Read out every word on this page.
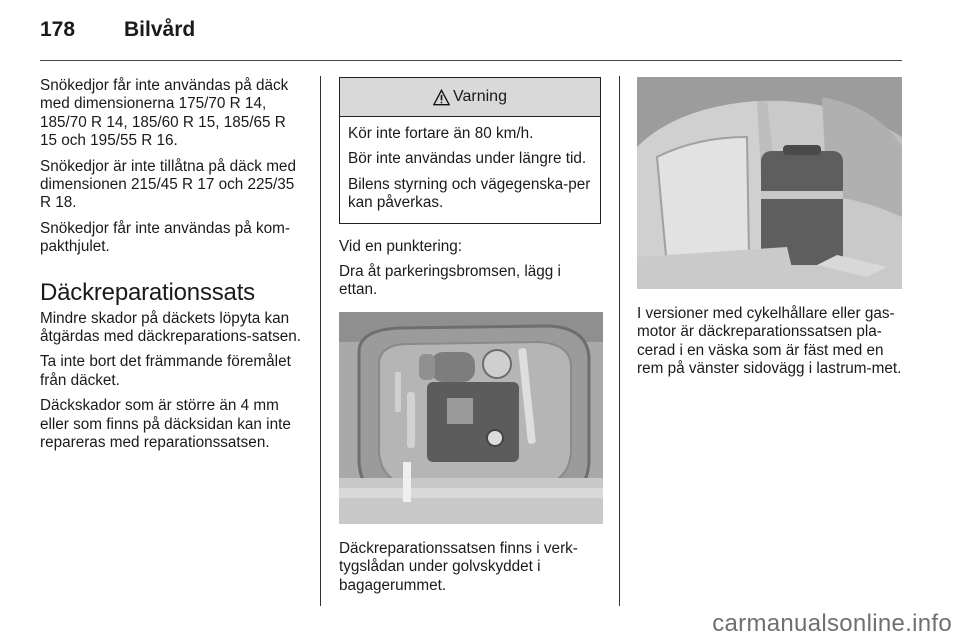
178	Bilvård

Snökedjor får inte användas på däck med dimensionerna 175/70 R 14, 185/70 R 14, 185/60 R 15, 185/65 R 15 och 195/55 R 16.

Snökedjor är inte tillåtna på däck med dimensionen 215/45 R 17 och 225/35 R 18.

Snökedjor får inte användas på kom-pakthjulet.

Däckreparationssats

Mindre skador på däckets löpyta kan åtgärdas med däckreparations-satsen.

Ta inte bort det främmande föremålet från däcket.

Däckskador som är större än 4 mm eller som finns på däcksidan kan inte repareras med reparationssatsen.

Varning

Kör inte fortare än 80 km/h.

Bör inte användas under längre tid.

Bilens styrning och vägegenska-per kan påverkas.

Vid en punktering:

Dra åt parkeringsbromsen, lägg i ettan.

Däckreparationssatsen finns i verk-tygslådan under golvskyddet i bagagerummet.

I versioner med cykelhållare eller gas-motor är däckreparationssatsen pla-cerad i en väska som är fäst med en rem på vänster sidovägg i lastrum-met.

carmanualsonline.info
